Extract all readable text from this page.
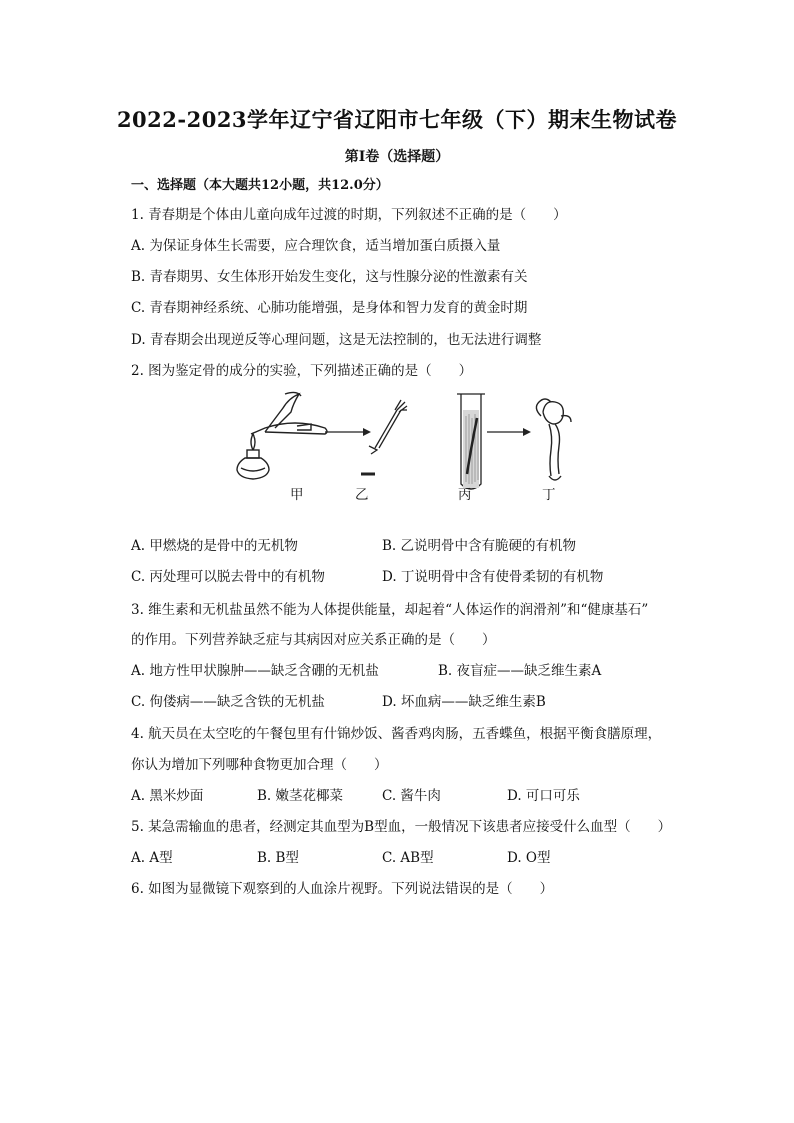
2022-2023学年辽宁省辽阳市七年级（下）期末生物试卷
第Ⅰ卷（选择题）
一、选择题（本大题共12小题，共12.0分）
1. 青春期是个体由儿童向成年过渡的时期，下列叙述不正确的是（　　）
A. 为保证身体生长需要，应合理饮食，适当增加蛋白质摄入量
B. 青春期男、女生体形开始发生变化，这与性腺分泌的性激素有关
C. 青春期神经系统、心肺功能增强，是身体和智力发育的黄金时期
D. 青春期会出现逆反等心理问题，这是无法控制的，也无法进行调整
2. 图为鉴定骨的成分的实验，下列描述正确的是（　　）
甲	乙	丙	丁
A. 甲燃烧的是骨中的无机物	B. 乙说明骨中含有脆硬的有机物
C. 丙处理可以脱去骨中的有机物	D. 丁说明骨中含有使骨柔韧的有机物
3. 维生素和无机盐虽然不能为人体提供能量，却起着“人体运作的润滑剂”和“健康基石”
的作用。下列营养缺乏症与其病因对应关系正确的是（　　）
A. 地方性甲状腺肿——缺乏含硼的无机盐	B. 夜盲症——缺乏维生素A
C. 佝偻病——缺乏含铁的无机盐	D. 坏血病——缺乏维生素B
4. 航天员在太空吃的午餐包里有什锦炒饭、酱香鸡肉肠，五香蝶鱼，根据平衡食膳原理，
你认为增加下列哪种食物更加合理（　　）
A. 黑米炒面	B. 嫩茎花椰菜	C. 酱牛肉	D. 可口可乐
5. 某急需输血的患者，经测定其血型为B型血，一般情况下该患者应接受什么血型（　　）
A. A型	B. B型	C. AB型	D. O型
6. 如图为显微镜下观察到的人血涂片视野。下列说法错误的是（　　）
